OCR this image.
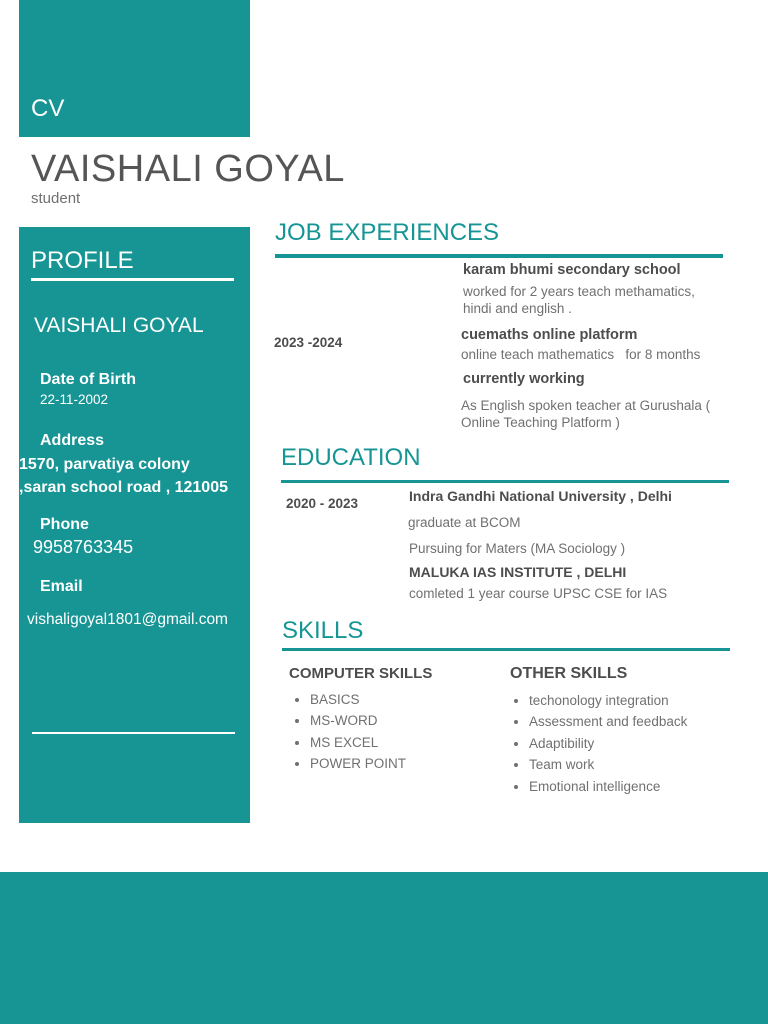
CV
VAISHALI GOYAL
student
PROFILE
VAISHALI GOYAL
Date of Birth
22-11-2002
Address
1570, parvatiya colony
,saran school road , 121005
Phone
9958763345
Email
vishaligoyal1801@gmail.com
JOB EXPERIENCES
2023 -2024
karam bhumi secondary school
worked for 2 years teach methamatics, hindi and english .
cuemaths online platform
online teach mathematics   for 8 months
currently working
As English spoken teacher at Gurushala ( Online Teaching Platform )
EDUCATION
2020 - 2023	Indra Gandhi National University , Delhi
graduate at BCOM
Pursuing for Maters (MA Sociology )
MALUKA IAS INSTITUTE , DELHI
comleted 1 year course UPSC CSE for IAS
SKILLS
COMPUTER SKILLS
• BASICS
• MS-WORD
• MS EXCEL
• POWER POINT
OTHER SKILLS
• techonology integration
• Assessment and feedback
• Adaptibility
• Team work
• Emotional intelligence
